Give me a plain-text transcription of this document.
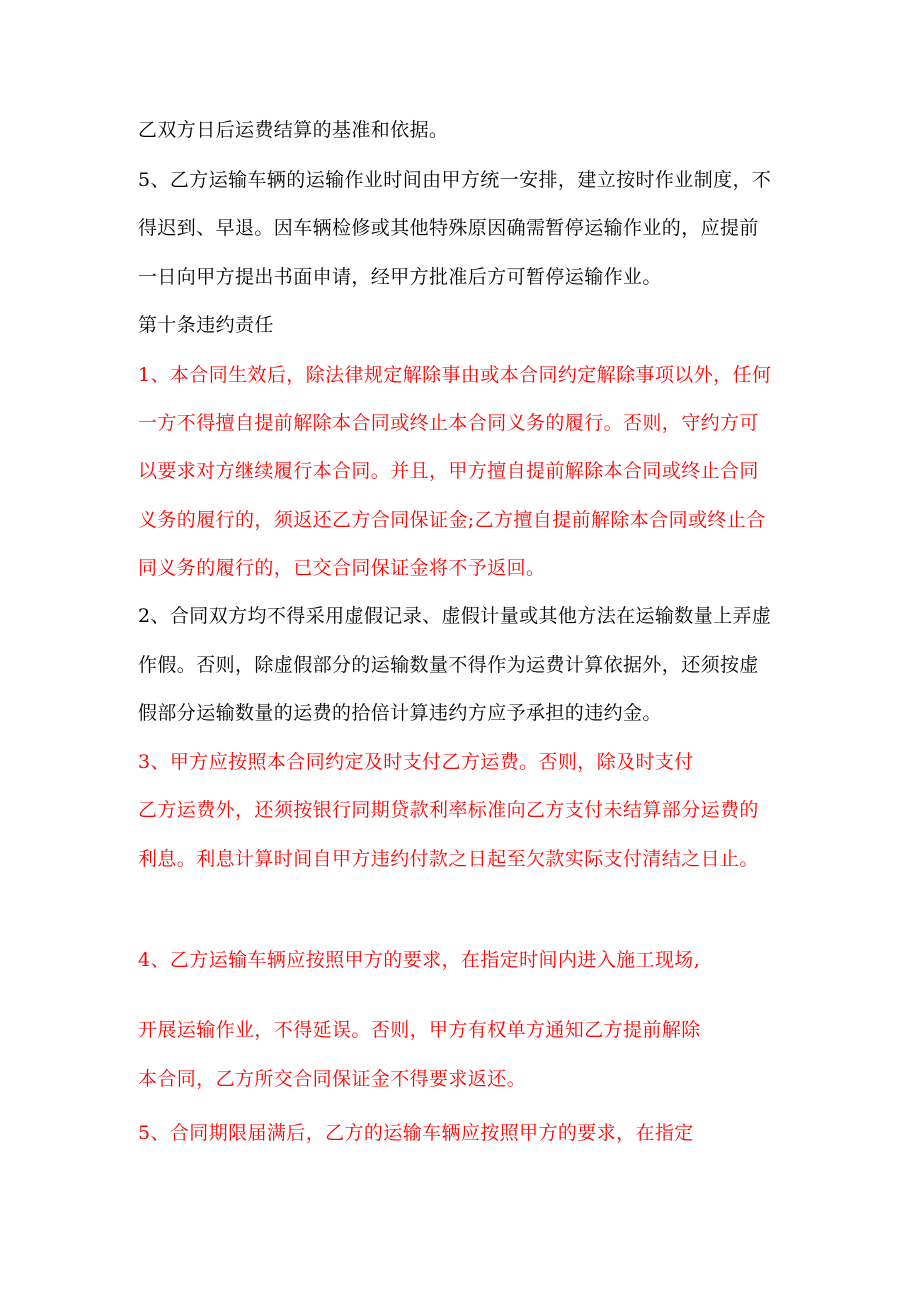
乙双方日后运费结算的基准和依据。
5、乙方运输车辆的运输作业时间由甲方统一安排，建立按时作业制度，不
得迟到、早退。因车辆检修或其他特殊原因确需暂停运输作业的，应提前
一日向甲方提出书面申请，经甲方批准后方可暂停运输作业。
第十条违约责任
1、本合同生效后，除法律规定解除事由或本合同约定解除事项以外，任何
一方不得擅自提前解除本合同或终止本合同义务的履行。否则，守约方可
以要求对方继续履行本合同。并且，甲方擅自提前解除本合同或终止合同
义务的履行的，须返还乙方合同保证金;乙方擅自提前解除本合同或终止合
同义务的履行的，已交合同保证金将不予返回。
2、合同双方均不得采用虚假记录、虚假计量或其他方法在运输数量上弄虚
作假。否则，除虚假部分的运输数量不得作为运费计算依据外，还须按虚
假部分运输数量的运费的拾倍计算违约方应予承担的违约金。
3、甲方应按照本合同约定及时支付乙方运费。否则，除及时支付
乙方运费外，还须按银行同期贷款利率标准向乙方支付未结算部分运费的
利息。利息计算时间自甲方违约付款之日起至欠款实际支付清结之日止。
4、乙方运输车辆应按照甲方的要求，在指定时间内进入施工现场,
开展运输作业，不得延误。否则，甲方有权单方通知乙方提前解除
本合同，乙方所交合同保证金不得要求返还。
5、合同期限届满后，乙方的运输车辆应按照甲方的要求，在指定
